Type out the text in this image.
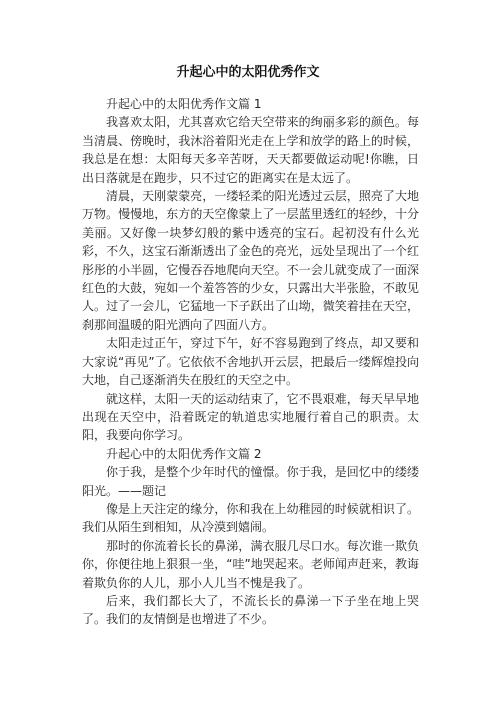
升起心中的太阳优秀作文

升起心中的太阳优秀作文篇 1

我喜欢太阳，尤其喜欢它给天空带来的绚丽多彩的颜色。每当清晨、傍晚时，我沐浴着阳光走在上学和放学的路上的时候，我总是在想：太阳每天多辛苦呀，天天都要做运动呢!你瞧，日出日落就是在跑步，只不过它的距离实在是太远了。

清晨，天刚蒙蒙亮，一缕轻柔的阳光透过云层，照亮了大地万物。慢慢地，东方的天空像蒙上了一层蓝里透红的轻纱，十分美丽。又好像一块梦幻般的紫中透亮的宝石。起初没有什么光彩，不久，这宝石渐渐透出了金色的亮光，远处呈现出了一个红彤彤的小半圆，它慢吞吞地爬向天空。不一会儿就变成了一面深红色的大鼓，宛如一个羞答答的少女，只露出大半张脸，不敢见人。过了一会儿，它猛地一下子跃出了山坳，微笑着挂在天空，刹那间温暖的阳光洒向了四面八方。

太阳走过正午，穿过下午，好不容易跑到了终点，却又要和大家说“再见”了。它依依不舍地扒开云层，把最后一缕辉煌投向大地，自己逐渐消失在殷红的天空之中。

就这样，太阳一天的运动结束了，它不畏艰难，每天早早地出现在天空中，沿着既定的轨道忠实地履行着自己的职责。太阳，我要向你学习。

升起心中的太阳优秀作文篇 2

你于我，是整个少年时代的憧憬。你于我，是回忆中的缕缕阳光。——题记

像是上天注定的缘分，你和我在上幼稚园的时候就相识了。我们从陌生到相知，从冷漠到嬉闹。

那时的你流着长长的鼻涕，满衣服几尽口水。每次谁一欺负你，你便往地上狠狠一坐，“哇”地哭起来。老师闻声赶来，教诲着欺负你的人儿，那小人儿当不愧是我了。

后来，我们都长大了，不流长长的鼻涕一下子坐在地上哭了。我们的友情倒是也增进了不少。
